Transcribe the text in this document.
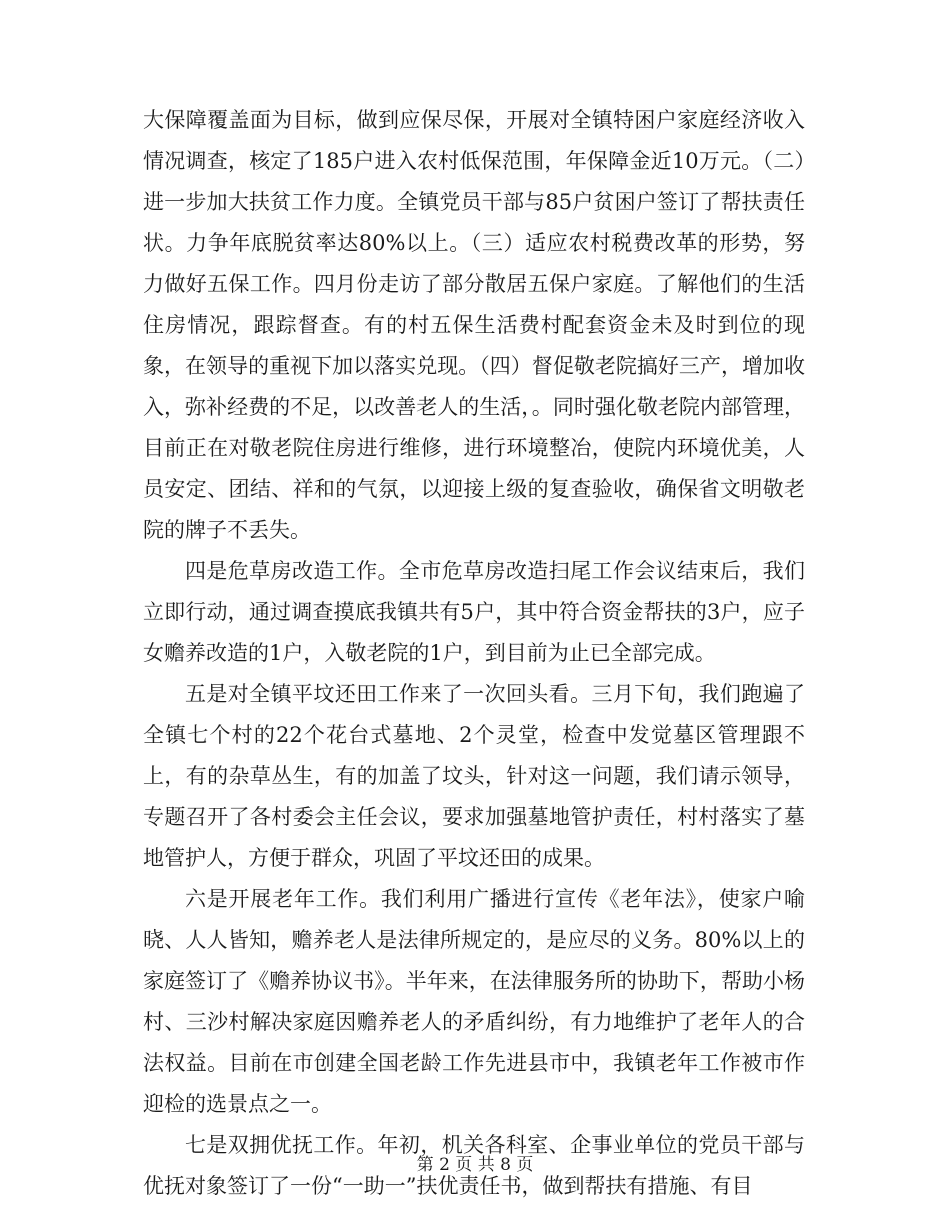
大保障覆盖面为目标，做到应保尽保，开展对全镇特困户家庭经济收入情况调查，核定了185户进入农村低保范围，年保障金近10万元。（二）进一步加大扶贫工作力度。全镇党员干部与85户贫困户签订了帮扶责任状。力争年底脱贫率达80%以上。（三）适应农村税费改革的形势，努力做好五保工作。四月份走访了部分散居五保户家庭。了解他们的生活住房情况，跟踪督查。有的村五保生活费村配套资金未及时到位的现象，在领导的重视下加以落实兑现。（四）督促敬老院搞好三产，增加收入，弥补经费的不足，以改善老人的生活，。同时强化敬老院内部管理，目前正在对敬老院住房进行维修，进行环境整冶，使院内环境优美，人员安定、团结、祥和的气氛，以迎接上级的复查验收，确保省文明敬老院的牌子不丢失。

四是危草房改造工作。全市危草房改造扫尾工作会议结束后，我们立即行动，通过调查摸底我镇共有5户，其中符合资金帮扶的3户，应子女赡养改造的1户，入敬老院的1户，到目前为止已全部完成。

五是对全镇平坟还田工作来了一次回头看。三月下旬，我们跑遍了全镇七个村的22个花台式墓地、2个灵堂，检查中发觉墓区管理跟不上，有的杂草丛生，有的加盖了坟头，针对这一问题，我们请示领导，专题召开了各村委会主任会议，要求加强墓地管护责任，村村落实了墓地管护人，方便于群众，巩固了平坟还田的成果。

六是开展老年工作。我们利用广播进行宣传《老年法》，使家户喻晓、人人皆知，赡养老人是法律所规定的，是应尽的义务。80%以上的家庭签订了《赡养协议书》。半年来，在法律服务所的协助下，帮助小杨村、三沙村解决家庭因赡养老人的矛盾纠纷，有力地维护了老年人的合法权益。目前在市创建全国老龄工作先进县市中，我镇老年工作被市作迎检的选景点之一。

七是双拥优抚工作。年初，机关各科室、企事业单位的党员干部与优抚对象签订了一份“一助一”扶优责任书，做到帮扶有措施、有目

第 2 页 共 8 页
